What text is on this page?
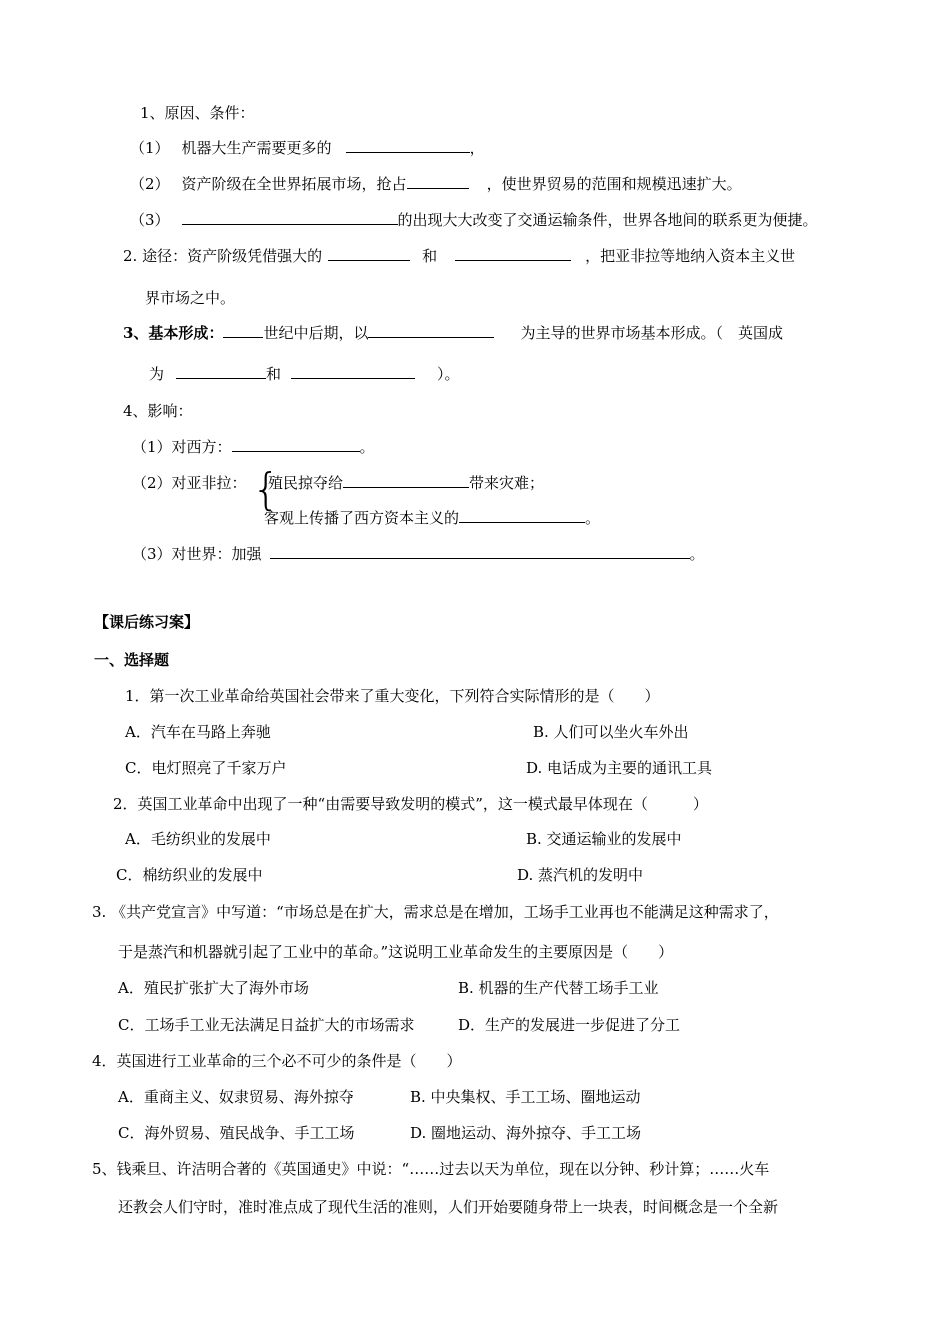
1、原因、条件：
（1） 机器大生产需要更多的	，
（2） 资产阶级在全世界拓展市场，抢占	，使世界贸易的范围和规模迅速扩大。
（3）	的出现大大改变了交通运输条件，世界各地间的联系更为便捷。
2. 途径：资产阶级凭借强大的	和	，把亚非拉等地纳入资本主义世
界市场之中。
3、基本形成：	世纪中后期，以	为主导的世界市场基本形成。（　英国成
为	和	）。
4、影响：
（1）对西方：	。
（2）对亚非拉： {
殖民掠夺给	带来灾难；
客观上传播了西方资本主义的	。
（3）对世界：加强	。
【课后练习案】
一、选择题
1．第一次工业革命给英国社会带来了重大变化，下列符合实际情形的是（　　）
A．汽车在马路上奔驰	B. 人们可以坐火车外出
C．电灯照亮了千家万户	D. 电话成为主要的通讯工具
2．英国工业革命中出现了一种“由需要导致发明的模式”，这一模式最早体现在（　　　）
A．毛纺织业的发展中	B. 交通运输业的发展中
C．棉纺织业的发展中	D. 蒸汽机的发明中
3. 《共产党宣言》中写道：“市场总是在扩大，需求总是在增加，工场手工业再也不能满足这种需求了，
于是蒸汽和机器就引起了工业中的革命。”这说明工业革命发生的主要原因是（　　）
A．殖民扩张扩大了海外市场	B. 机器的生产代替工场手工业
C．工场手工业无法满足日益扩大的市场需求	D．生产的发展进一步促进了分工
4．英国进行工业革命的三个必不可少的条件是（　　）
A．重商主义、奴隶贸易、海外掠夺	B. 中央集权、手工工场、圈地运动
C．海外贸易、殖民战争、手工工场	D. 圈地运动、海外掠夺、手工工场
5、钱乘旦、许洁明合著的《英国通史》中说：“……过去以天为单位，现在以分钟、秒计算；……火车
还教会人们守时，准时准点成了现代生活的准则，人们开始要随身带上一块表，时间概念是一个全新
